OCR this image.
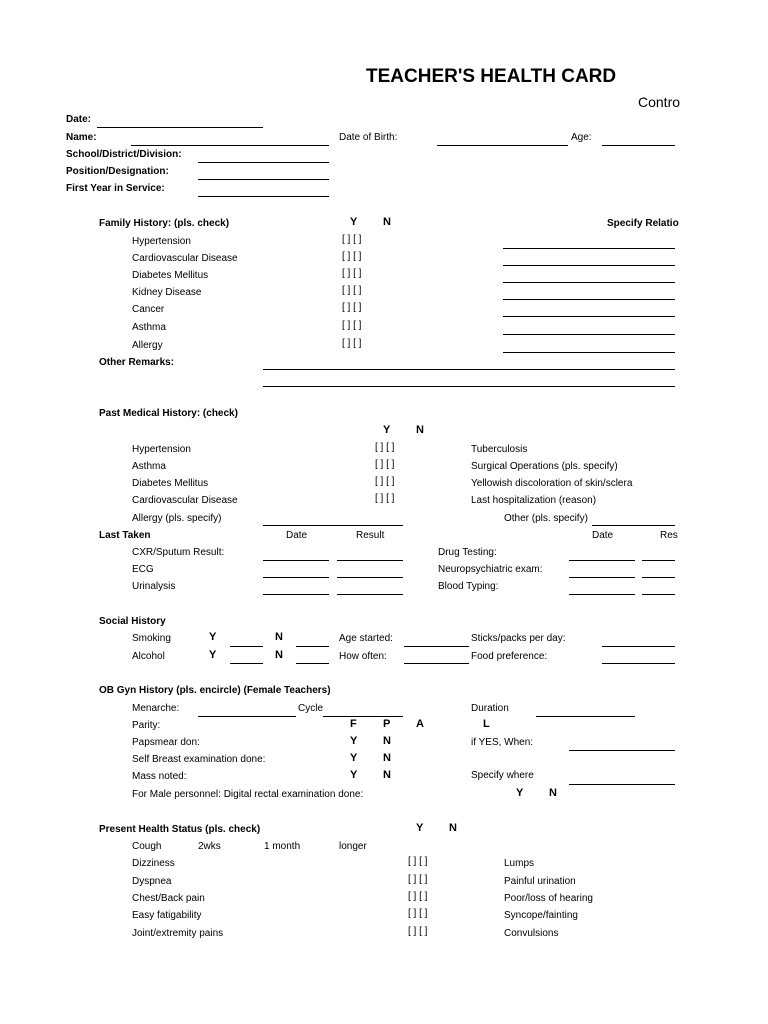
TEACHER'S HEALTH CARD
Contro
Date:
Name:	Date of Birth:	Age:
School/District/Division:
Position/Designation:
First Year in Service:
Family History: (pls. check)	Y N	Specify Relatio
Hypertension	[ ] [ ]
Cardiovascular Disease	[ ] [ ]
Diabetes Mellitus	[ ] [ ]
Kidney Disease	[ ] [ ]
Cancer	[ ] [ ]
Asthma	[ ] [ ]
Allergy	[ ] [ ]
Other Remarks:
Past Medical History: (check)
Y N
Hypertension	[ ] [ ]	Tuberculosis
Asthma	[ ] [ ]	Surgical Operations (pls. specify)
Diabetes Mellitus	[ ] [ ]	Yellowish discoloration of skin/sclera
Cardiovascular Disease	[ ] [ ]	Last hospitalization (reason)
Allergy (pls. specify)	Other (pls. specify)
Last Taken	Date	Result	Date	Res
CXR/Sputum Result:	Drug Testing:
ECG	Neuropsychiatric exam:
Urinalysis	Blood Typing:
Social History
Smoking	Y	N	Age started:	Sticks/packs per day:
Alcohol	Y	N	How often:	Food preference:
OB Gyn History (pls. encircle) (Female Teachers)
Menarche:	Cycle	Duration
Parity:	F P A	L
Papsmear don:	Y N	if YES, When:
Self Breast examination done:	Y N
Mass noted:	Y N	Specify where
For Male personnel: Digital rectal examination done:	Y N
Present Health Status (pls. check)	Y N
Cough	2wks	1 month	longer
Dizziness	[ ] [ ]	Lumps
Dyspnea	[ ] [ ]	Painful urination
Chest/Back pain	[ ] [ ]	Poor/loss of hearing
Easy fatigability	[ ] [ ]	Syncope/fainting
Joint/extremity pains	[ ] [ ]	Convulsions
